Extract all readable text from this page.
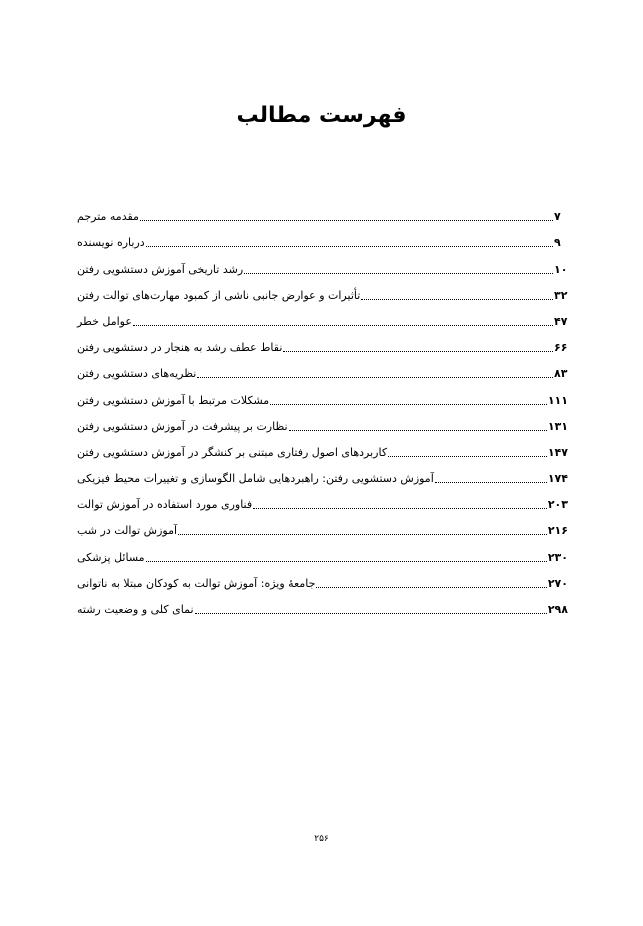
فهرست مطالب
مقدمه مترجم	۷
درباره نویسنده	۹
رشد تاریخی آموزش دستشویی رفتن	۱۰
تأثیرات و عوارض جانبی ناشی از کمبود مهارت‌های توالت رفتن	۳۲
عوامل خطر	۴۷
نقاط عطف رشد به هنجار در دستشویی رفتن	۶۶
نظریه‌های دستشویی رفتن	۸۳
مشکلات مرتبط با آموزش دستشویی رفتن	۱۱۱
نظارت بر پیشرفت در آموزش دستشویی رفتن	۱۳۱
کاربردهای اصول رفتاری مبتنی بر کنشگر در آموزش دستشویی رفتن	۱۴۷
آموزش دستشویی رفتن: راهبردهایی شامل الگوسازی و تغییرات محیط فیزیکی	۱۷۴
فناوری مورد استفاده در آموزش توالت	۲۰۳
آموزش توالت در شب	۲۱۶
مسائل پزشکی	۲۳۰
جامعهٔ ویژه: آموزش توالت به کودکان مبتلا به ناتوانی	۲۷۰
نمای کلی و وضعیت رشته	۲۹۸
۲۵۶
